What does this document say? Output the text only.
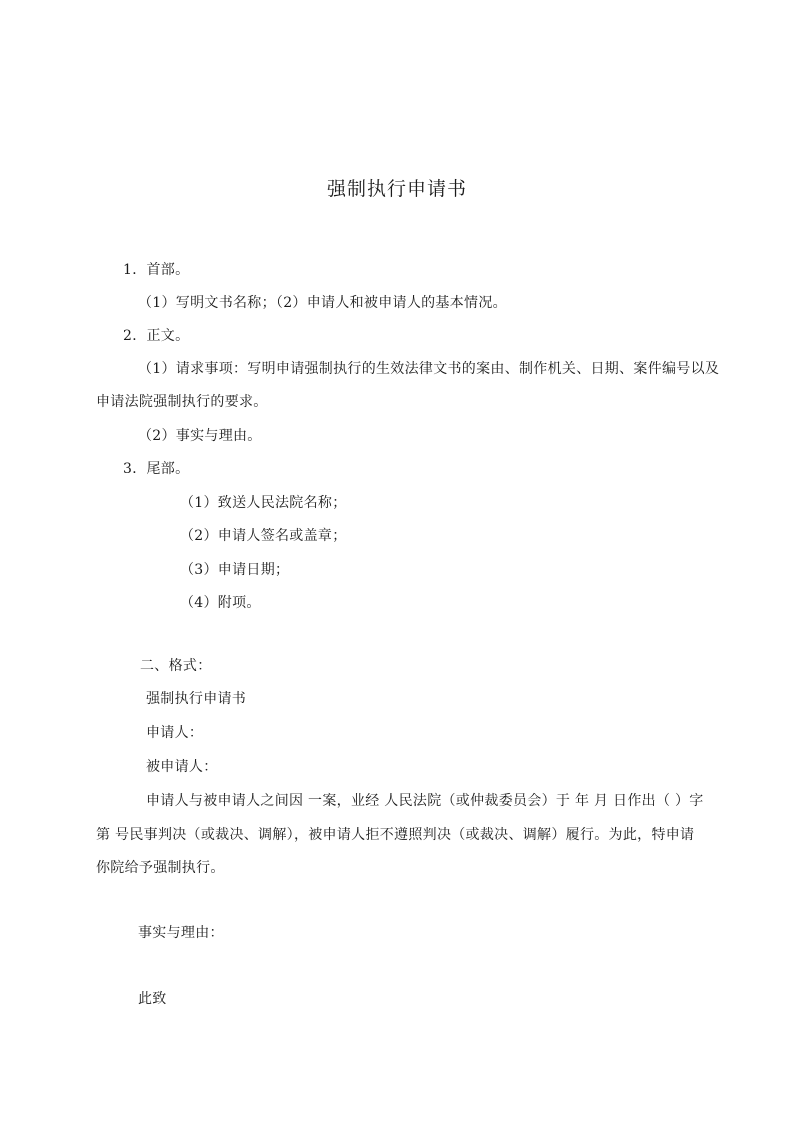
强制执行申请书
1．首部。
（1）写明文书名称；（2）申请人和被申请人的基本情况。
2．正文。
（1）请求事项：写明申请强制执行的生效法律文书的案由、制作机关、日期、案件编号以及
申请法院强制执行的要求。
（2）事实与理由。
3．尾部。
（1）致送人民法院名称；
（2）申请人签名或盖章；
（3）申请日期；
（4）附项。
二、格式：
强制执行申请书
申请人：
被申请人：
申请人与被申请人之间因 一案，业经 人民法院（或仲裁委员会）于 年 月 日作出（ ）字
第 号民事判决（或裁决、调解），被申请人拒不遵照判决（或裁决、调解）履行。为此，特申请
你院给予强制执行。
事实与理由：
此致
